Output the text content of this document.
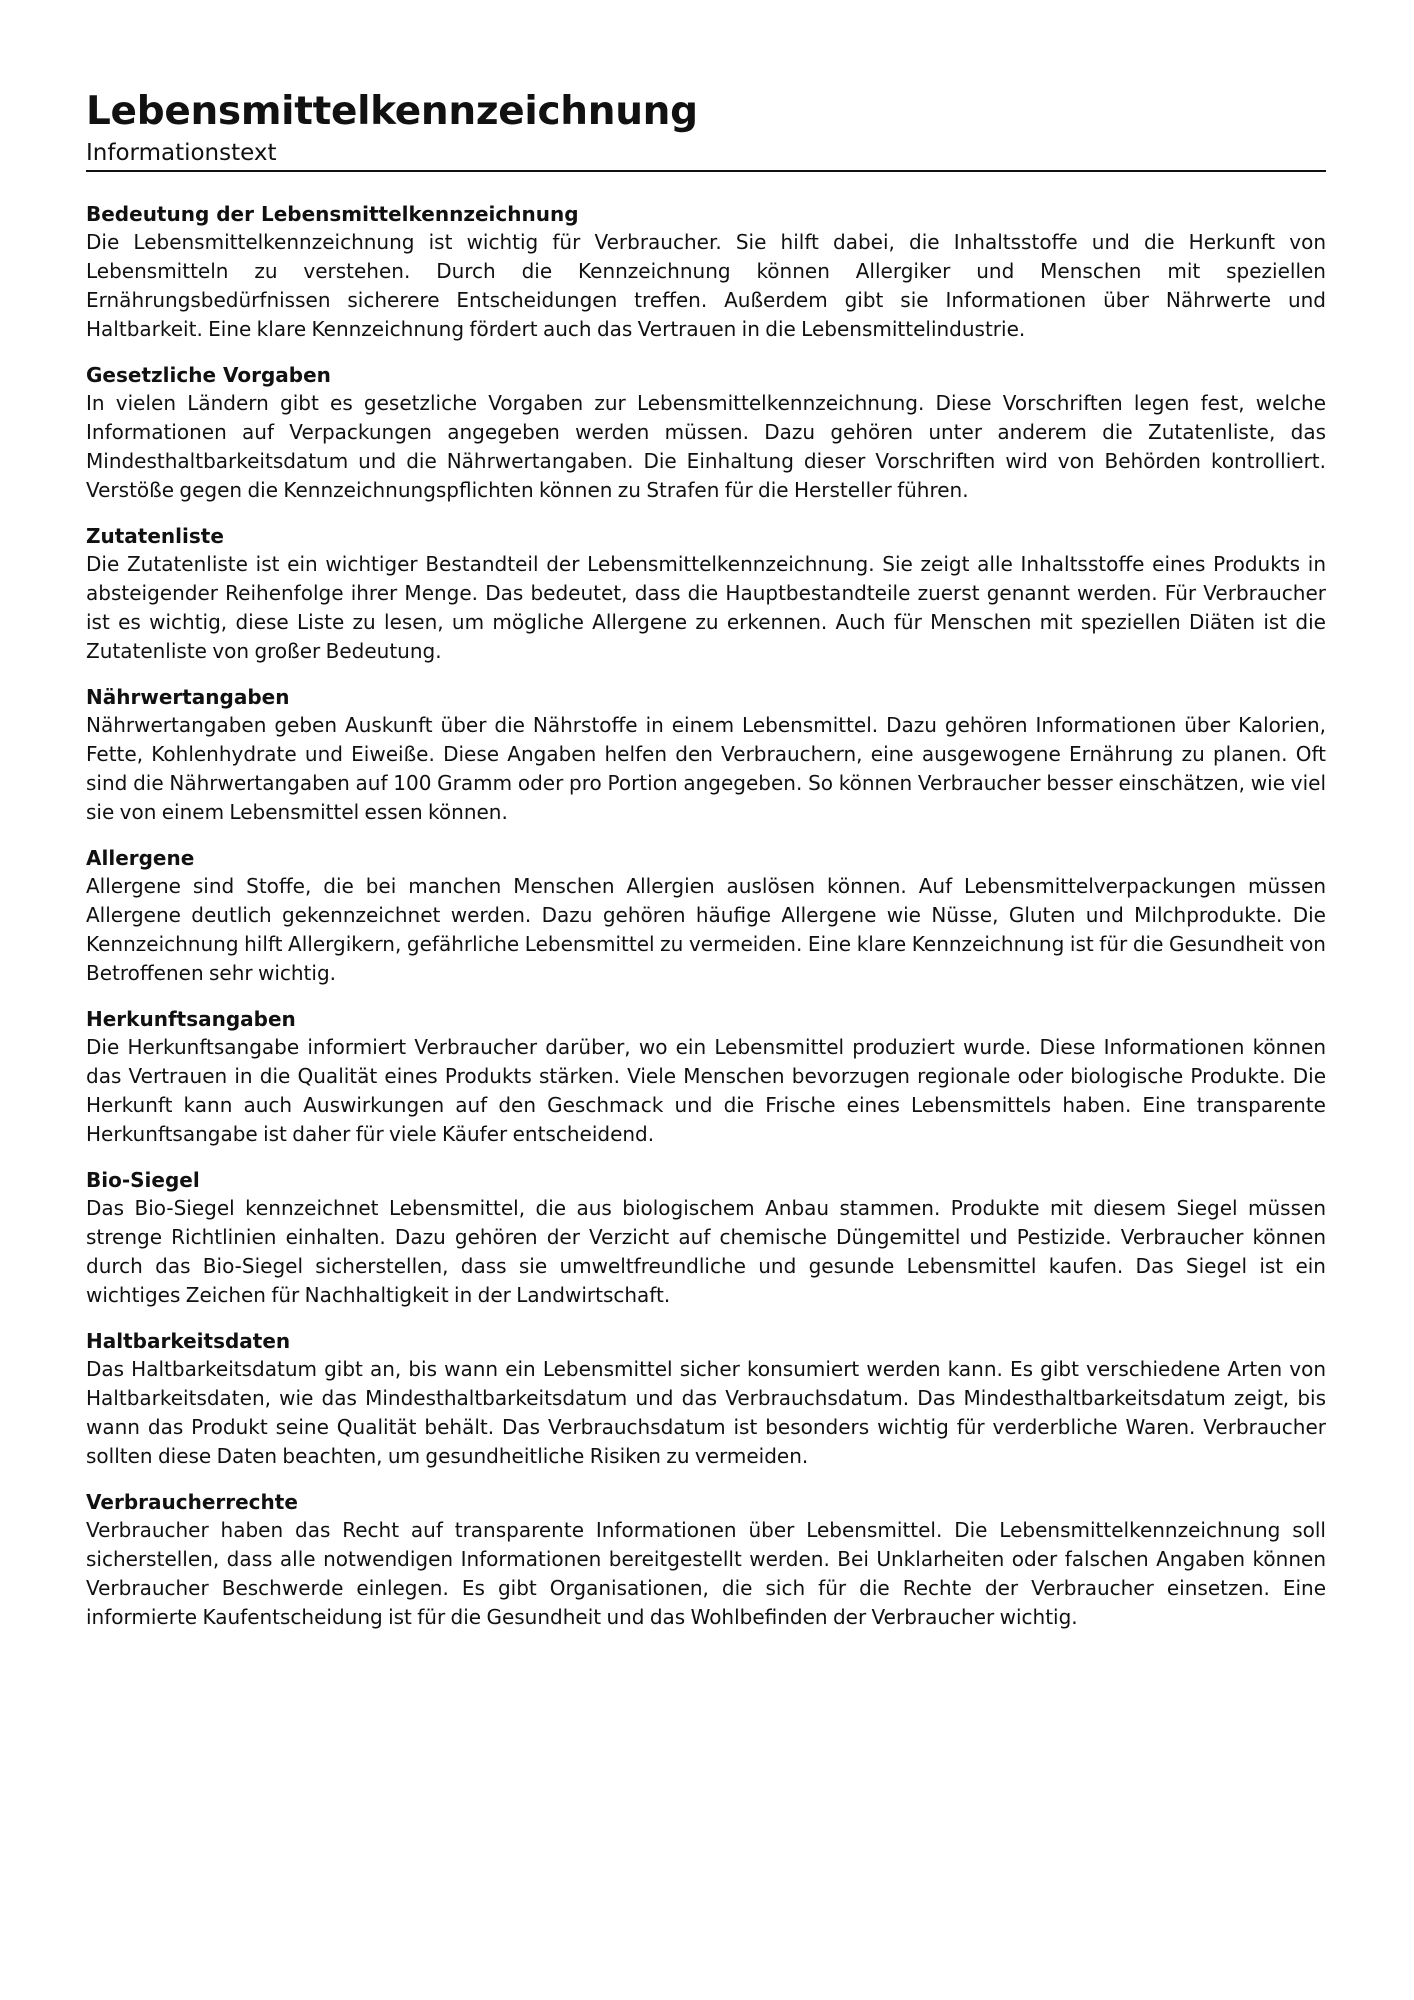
Lebensmittelkennzeichnung
Informationstext
Bedeutung der Lebensmittelkennzeichnung

Die Lebensmittelkennzeichnung ist wichtig für Verbraucher. Sie hilft dabei, die Inhaltsstoffe und die Herkunft von Lebensmitteln zu verstehen. Durch die Kennzeichnung können Allergiker und Menschen mit speziellen Ernährungsbedürfnissen sicherere Entscheidungen treffen. Außerdem gibt sie Informationen über Nährwerte und Haltbarkeit. Eine klare Kennzeichnung fördert auch das Vertrauen in die Lebensmittelindustrie.

Gesetzliche Vorgaben

In vielen Ländern gibt es gesetzliche Vorgaben zur Lebensmittelkennzeichnung. Diese Vorschriften legen fest, welche Informationen auf Verpackungen angegeben werden müssen. Dazu gehören unter anderem die Zutatenliste, das Mindesthaltbarkeitsdatum und die Nährwertangaben. Die Einhaltung dieser Vorschriften wird von Behörden kontrolliert. Verstöße gegen die Kennzeichnungspflichten können zu Strafen für die Hersteller führen.

Zutatenliste

Die Zutatenliste ist ein wichtiger Bestandteil der Lebensmittelkennzeichnung. Sie zeigt alle Inhaltsstoffe eines Produkts in absteigender Reihenfolge ihrer Menge. Das bedeutet, dass die Hauptbestandteile zuerst genannt werden. Für Verbraucher ist es wichtig, diese Liste zu lesen, um mögliche Allergene zu erkennen. Auch für Menschen mit speziellen Diäten ist die Zutatenliste von großer Bedeutung.

Nährwertangaben

Nährwertangaben geben Auskunft über die Nährstoffe in einem Lebensmittel. Dazu gehören Informationen über Kalorien, Fette, Kohlenhydrate und Eiweiße. Diese Angaben helfen den Verbrauchern, eine ausgewogene Ernährung zu planen. Oft sind die Nährwertangaben auf 100 Gramm oder pro Portion angegeben. So können Verbraucher besser einschätzen, wie viel sie von einem Lebensmittel essen können.

Allergene

Allergene sind Stoffe, die bei manchen Menschen Allergien auslösen können. Auf Lebensmittelverpackungen müssen Allergene deutlich gekennzeichnet werden. Dazu gehören häufige Allergene wie Nüsse, Gluten und Milchprodukte. Die Kennzeichnung hilft Allergikern, gefährliche Lebensmittel zu vermeiden. Eine klare Kennzeichnung ist für die Gesundheit von Betroffenen sehr wichtig.

Herkunftsangaben

Die Herkunftsangabe informiert Verbraucher darüber, wo ein Lebensmittel produziert wurde. Diese Informationen können das Vertrauen in die Qualität eines Produkts stärken. Viele Menschen bevorzugen regionale oder biologische Produkte. Die Herkunft kann auch Auswirkungen auf den Geschmack und die Frische eines Lebensmittels haben. Eine transparente Herkunftsangabe ist daher für viele Käufer entscheidend.

Bio-Siegel

Das Bio-Siegel kennzeichnet Lebensmittel, die aus biologischem Anbau stammen. Produkte mit diesem Siegel müssen strenge Richtlinien einhalten. Dazu gehören der Verzicht auf chemische Düngemittel und Pestizide. Verbraucher können durch das Bio-Siegel sicherstellen, dass sie umweltfreundliche und gesunde Lebensmittel kaufen. Das Siegel ist ein wichtiges Zeichen für Nachhaltigkeit in der Landwirtschaft.

Haltbarkeitsdaten

Das Haltbarkeitsdatum gibt an, bis wann ein Lebensmittel sicher konsumiert werden kann. Es gibt verschiedene Arten von Haltbarkeitsdaten, wie das Mindesthaltbarkeitsdatum und das Verbrauchsdatum. Das Mindesthaltbarkeitsdatum zeigt, bis wann das Produkt seine Qualität behält. Das Verbrauchsdatum ist besonders wichtig für verderbliche Waren. Verbraucher sollten diese Daten beachten, um gesundheitliche Risiken zu vermeiden.

Verbraucherrechte

Verbraucher haben das Recht auf transparente Informationen über Lebensmittel. Die Lebensmittelkennzeichnung soll sicherstellen, dass alle notwendigen Informationen bereitgestellt werden. Bei Unklarheiten oder falschen Angaben können Verbraucher Beschwerde einlegen. Es gibt Organisationen, die sich für die Rechte der Verbraucher einsetzen. Eine informierte Kaufentscheidung ist für die Gesundheit und das Wohlbefinden der Verbraucher wichtig.
